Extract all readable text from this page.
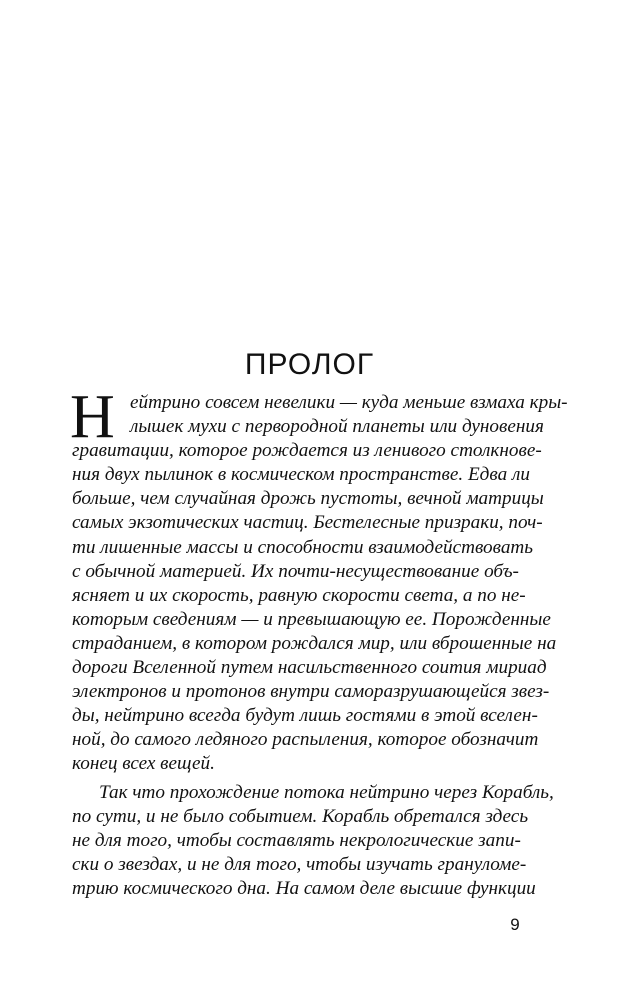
ПРОЛОГ
Н ейтрино совсем невелики — куда меньше взмаха кры-
лышек мухи с первородной планеты или дуновения
гравитации, которое рождается из ленивого столкнове-
ния двух пылинок в космическом пространстве. Едва ли
больше, чем случайная дрожь пустоты, вечной матрицы
самых экзотических частиц. Бестелесные призраки, поч-
ти лишенные массы и способности взаимодействовать
с обычной материей. Их почти-несуществование объ-
ясняет и их скорость, равную скорости света, а по не-
которым сведениям — и превышающую ее. Порожденные
страданием, в котором рождался мир, или вброшенные на
дороги Вселенной путем насильственного соития мириад
электронов и протонов внутри саморазрушающейся звез-
ды, нейтрино всегда будут лишь гостями в этой вселен-
ной, до самого ледяного распыления, которое обозначит
конец всех вещей.
Так что прохождение потока нейтрино через Корабль,
по сути, и не было событием. Корабль обретался здесь
не для того, чтобы составлять некрологические запи-
ски о звездах, и не для того, чтобы изучать грануломе-
трию космического дна. На самом деле высшие функции
9
